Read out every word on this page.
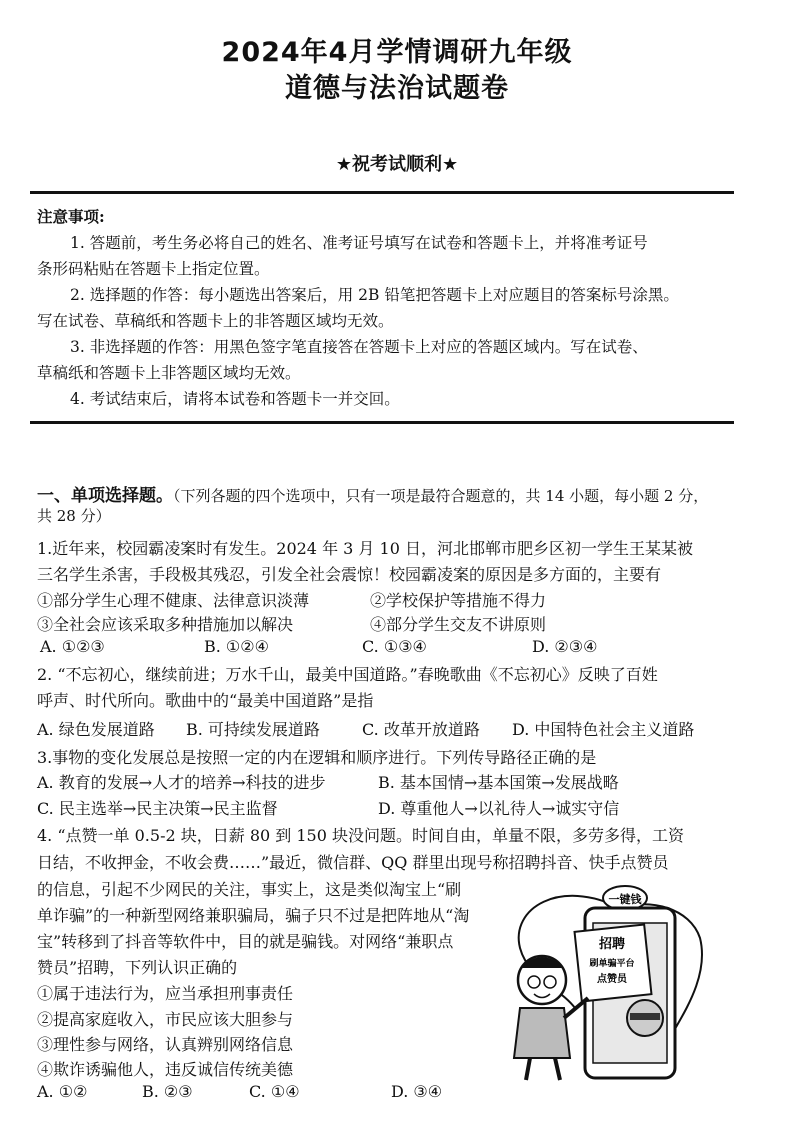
2024年4月学情调研九年级
道德与法治试题卷
★祝考试顺利★
注意事项:
1. 答题前，考生务必将自己的姓名、准考证号填写在试卷和答题卡上，并将准考证号
条形码粘贴在答题卡上指定位置。
2. 选择题的作答：每小题选出答案后，用 2B 铅笔把答题卡上对应题目的答案标号涂黑。
写在试卷、草稿纸和答题卡上的非答题区域均无效。
3. 非选择题的作答：用黑色签字笔直接答在答题卡上对应的答题区域内。写在试卷、
草稿纸和答题卡上非答题区域均无效。
4. 考试结束后，请将本试卷和答题卡一并交回。
一、单项选择题。（下列各题的四个选项中，只有一项是最符合题意的，共 14 小题，每小题 2 分，
共 28 分）
1.近年来，校园霸凌案时有发生。2024 年 3 月 10 日，河北邯郸市肥乡区初一学生王某某被
三名学生杀害，手段极其残忍，引发全社会震惊！校园霸凌案的原因是多方面的，主要有
①部分学生心理不健康、法律意识淡薄	②学校保护等措施不得力
③全社会应该采取多种措施加以解决	④部分学生交友不讲原则
A. ①②③	B. ①②④	C. ①③④	D. ②③④
2. “不忘初心，继续前进；万水千山，最美中国道路。”春晚歌曲《不忘初心》反映了百姓
呼声、时代所向。歌曲中的“最美中国道路”是指
A. 绿色发展道路 B. 可持续发展道路	C. 改革开放道路 D. 中国特色社会主义道路
3.事物的变化发展总是按照一定的内在逻辑和顺序进行。下列传导路径正确的是
A. 教育的发展→人才的培养→科技的进步	B. 基本国情→基本国策→发展战略
C. 民主选举→民主决策→民主监督	D. 尊重他人→以礼待人→诚实守信
4. “点赞一单 0.5-2 块，日薪 80 到 150 块没问题。时间自由，单量不限，多劳多得，工资
日结，不收押金，不收会费……”最近，微信群、QQ 群里出现号称招聘抖音、快手点赞员
的信息，引起不少网民的关注，事实上，这是类似淘宝上“刷
单诈骗”的一种新型网络兼职骗局，骗子只不过是把阵地从“淘
宝”转移到了抖音等软件中，目的就是骗钱。对网络“兼职点
赞员”招聘，下列认识正确的
①属于违法行为，应当承担刑事责任
②提高家庭收入，市民应该大胆参与
③理性参与网络，认真辨别网络信息
④欺诈诱骗他人，违反诚信传统美德
A. ①②	B. ②③	C. ①④	D. ③④
一键钱
招聘
刷单骗平台
点赞员
